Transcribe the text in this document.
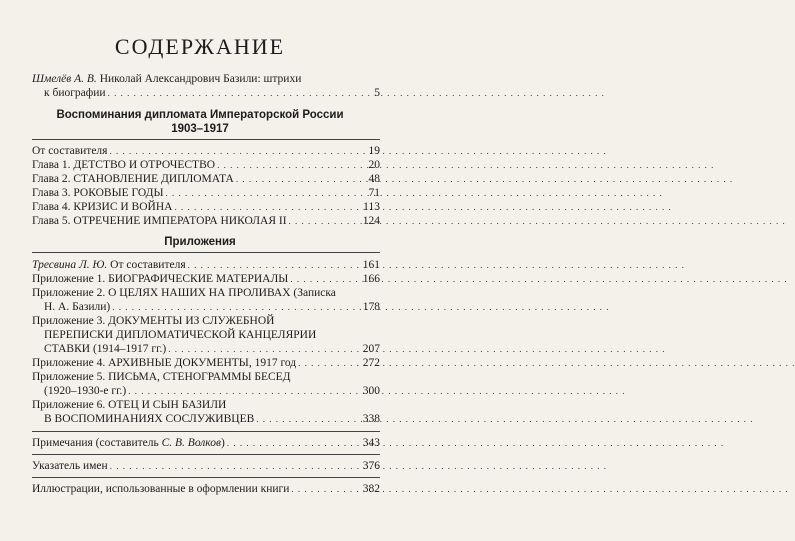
СОДЕРЖАНИЕ
Шмелёв А. В. Николай Александрович Базили: штрихи
к биографии . . .	5
Воспоминания дипломата Императорской России
1903–1917
От составителя . . .	19
Глава 1. ДЕТСТВО И ОТРОЧЕСТВО . . .	20
Глава 2. СТАНОВЛЕНИЕ ДИПЛОМАТА . . .	48
Глава 3. РОКОВЫЕ ГОДЫ . . .	71
Глава 4. КРИЗИС И ВОЙНА . . .	113
Глава 5. ОТРЕЧЕНИЕ ИМПЕРАТОРА НИКОЛАЯ II . . .	124
Приложения
Тресвина Л. Ю. От составителя . . .	161
Приложение 1. БИОГРАФИЧЕСКИЕ МАТЕРИАЛЫ . . .	166
Приложение 2. О ЦЕЛЯХ НАШИХ НА ПРОЛИВАХ (Записка
Н. А. Базили) . . .	178
Приложение 3. ДОКУМЕНТЫ ИЗ СЛУЖЕБНОЙ
ПЕРЕПИСКИ ДИПЛОМАТИЧЕСКОЙ КАНЦЕЛЯРИИ
СТАВКИ (1914–1917 гг.) . . .	207
Приложение 4. АРХИВНЫЕ ДОКУМЕНТЫ, 1917 год . . .	272
Приложение 5. ПИСЬМА, СТЕНОГРАММЫ БЕСЕД
(1920–1930-е гг.) . . .	300
Приложение 6. ОТЕЦ И СЫН БАЗИЛИ
В ВОСПОМИНАНИЯХ СОСЛУЖИВЦЕВ . . .	338
Примечания (составитель С. В. Волков) . . .	343
Указатель имен . . .	376
Иллюстрации, использованные в оформлении книги . . .	382
